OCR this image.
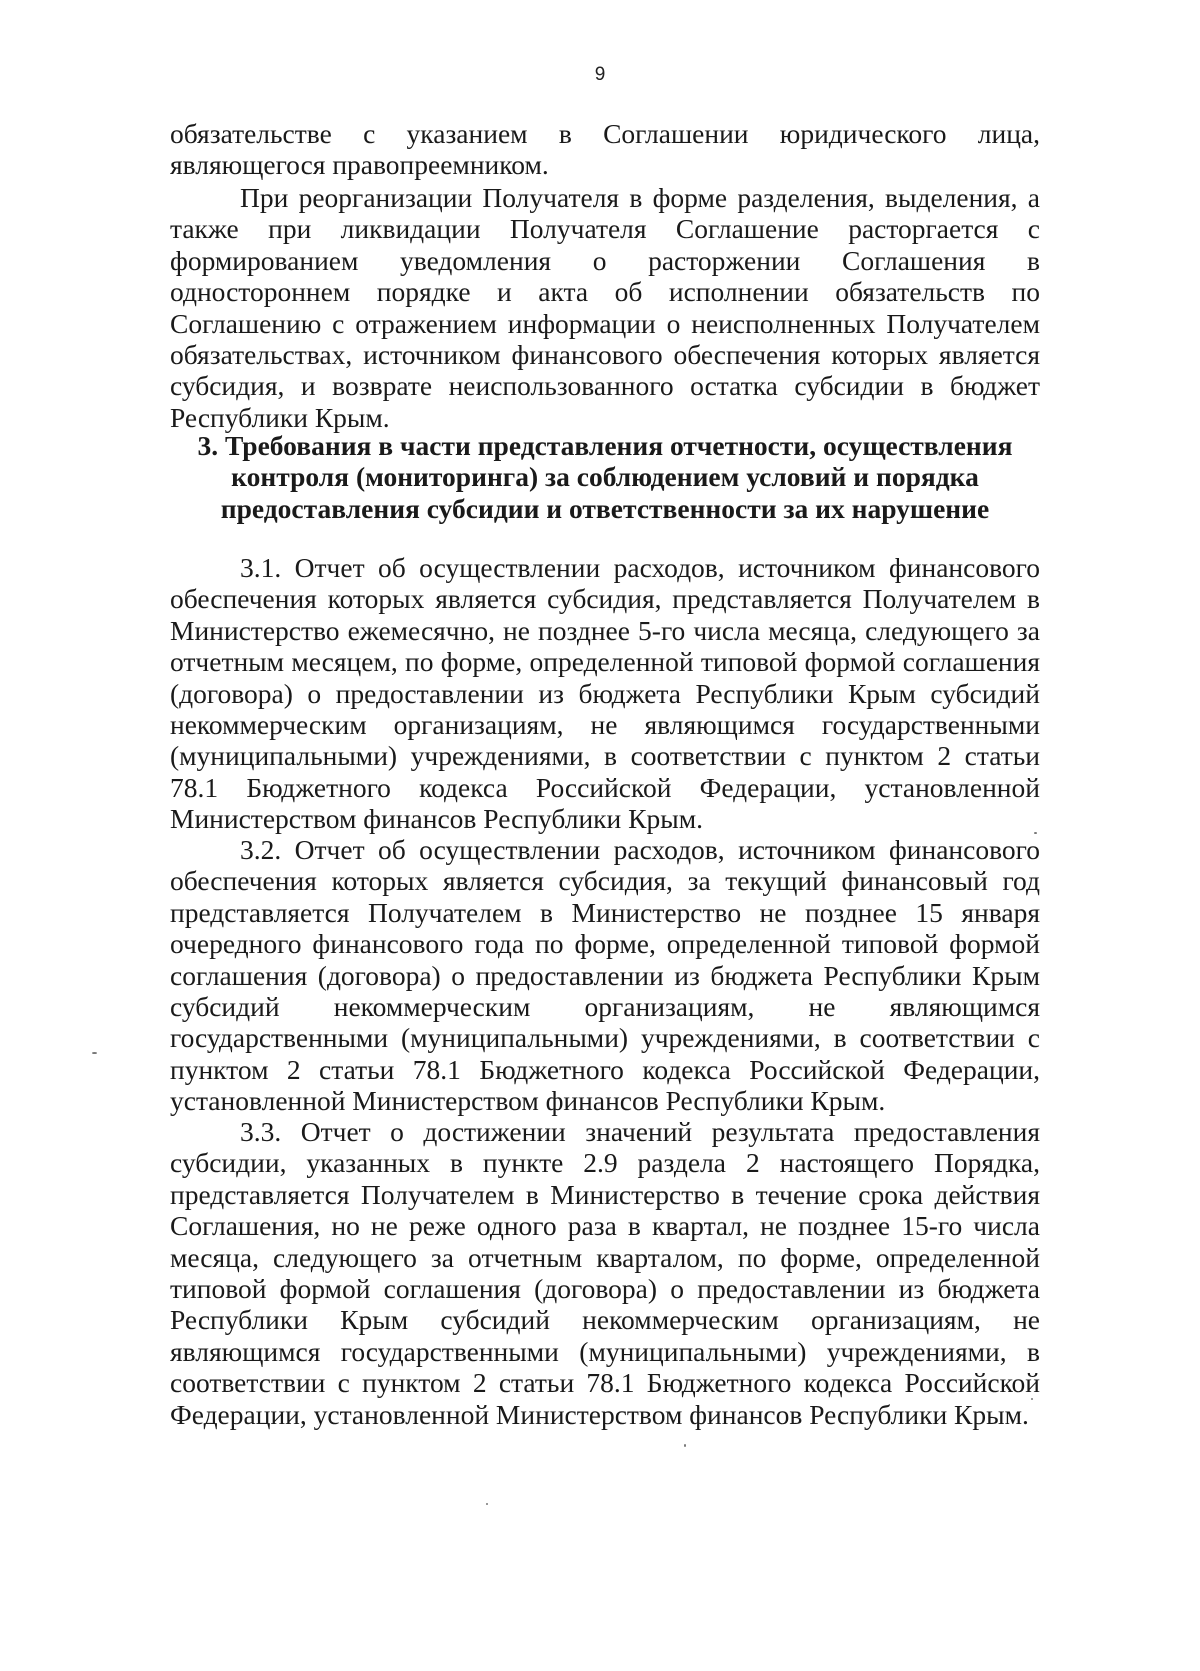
9

обязательстве с указанием в Соглашении юридического лица, являющегося правопреемником.

При реорганизации Получателя в форме разделения, выделения, а также при ликвидации Получателя Соглашение расторгается с формированием уведомления о расторжении Соглашения в одностороннем порядке и акта об исполнении обязательств по Соглашению с отражением информации о неисполненных Получателем обязательствах, источником финансового обеспечения которых является субсидия, и возврате неиспользованного остатка субсидии в бюджет Республики Крым.

3. Требования в части представления отчетности, осуществления контроля (мониторинга) за соблюдением условий и порядка предоставления субсидии и ответственности за их нарушение

3.1. Отчет об осуществлении расходов, источником финансового обеспечения которых является субсидия, представляется Получателем в Министерство ежемесячно, не позднее 5-го числа месяца, следующего за отчетным месяцем, по форме, определенной типовой формой соглашения (договора) о предоставлении из бюджета Республики Крым субсидий некоммерческим организациям, не являющимся государственными (муниципальными) учреждениями, в соответствии с пунктом 2 статьи 78.1 Бюджетного кодекса Российской Федерации, установленной Министерством финансов Республики Крым.

3.2. Отчет об осуществлении расходов, источником финансового обеспечения которых является субсидия, за текущий финансовый год представляется Получателем в Министерство не позднее 15 января очередного финансового года по форме, определенной типовой формой соглашения (договора) о предоставлении из бюджета Республики Крым субсидий некоммерческим организациям, не являющимся государственными (муниципальными) учреждениями, в соответствии с пунктом 2 статьи 78.1 Бюджетного кодекса Российской Федерации, установленной Министерством финансов Республики Крым.

3.3. Отчет о достижении значений результата предоставления субсидии, указанных в пункте 2.9 раздела 2 настоящего Порядка, представляется Получателем в Министерство в течение срока действия Соглашения, но не реже одного раза в квартал, не позднее 15-го числа месяца, следующего за отчетным кварталом, по форме, определенной типовой формой соглашения (договора) о предоставлении из бюджета Республики Крым субсидий некоммерческим организациям, не являющимся государственными (муниципальными) учреждениями, в соответствии с пунктом 2 статьи 78.1 Бюджетного кодекса Российской Федерации, установленной Министерством финансов Республики Крым.
